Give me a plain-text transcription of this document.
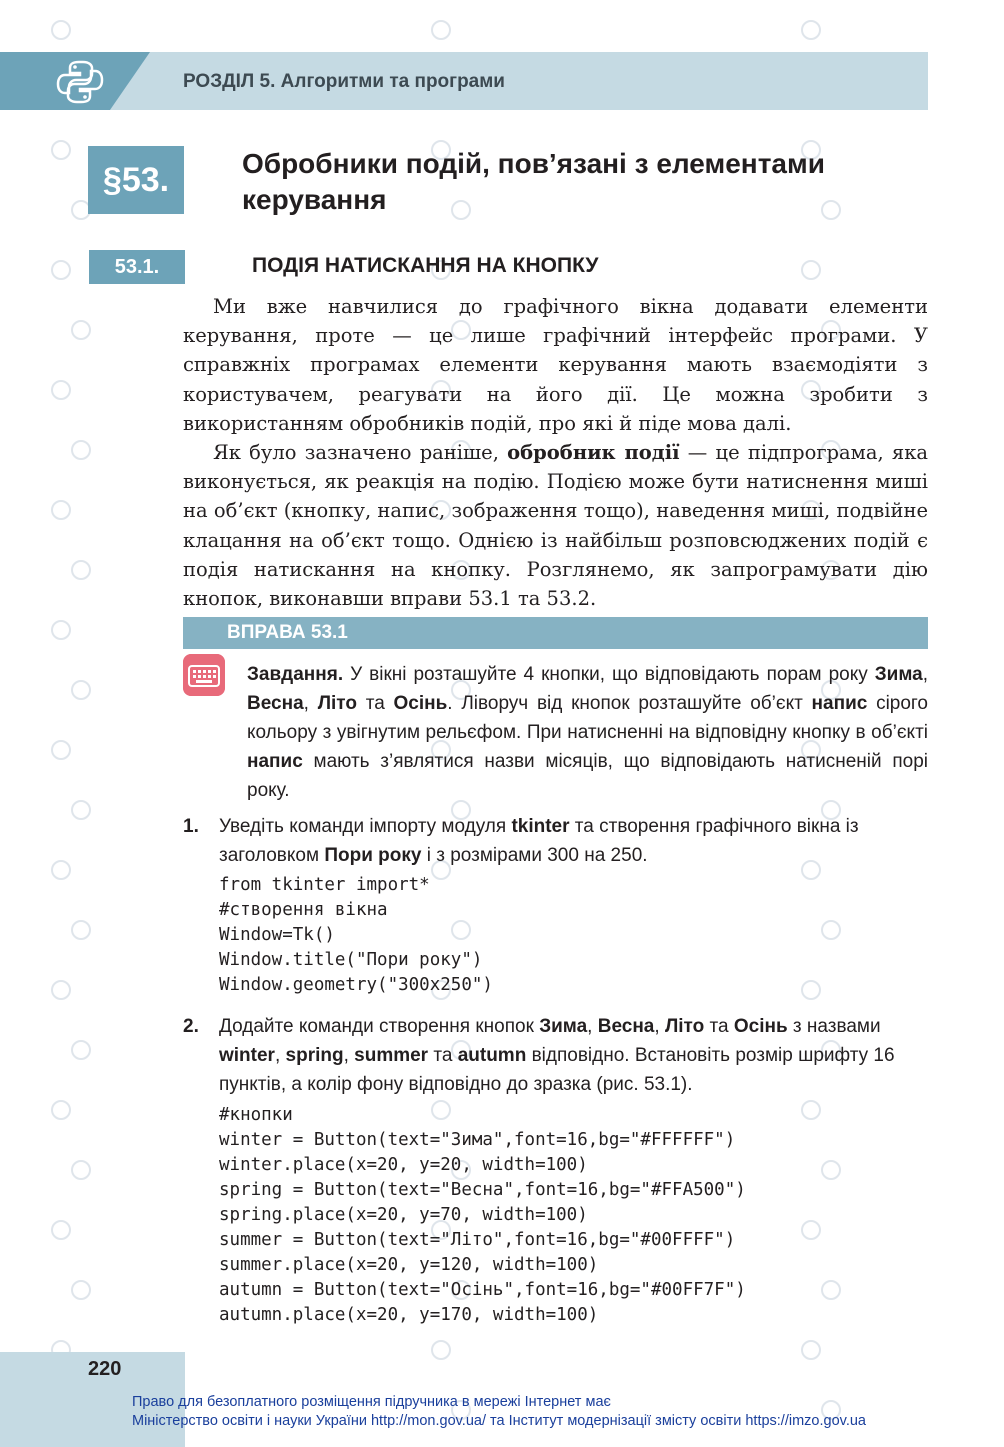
РОЗДІЛ 5. Алгоритми та програми
§53.	Обробники подій, пов’язані з елементами
керування
53.1.	ПОДІЯ НАТИСКАННЯ НА КНОПКУ

Ми вже навчилися до графічного вікна додавати елементи керування, проте — це лише графічний інтерфейс програми. У справжніх програмах елементи керування мають взаємодіяти з користувачем, реагувати на його дії. Це можна зробити з використанням обробників подій, про які й піде мова далі.

Як було зазначено раніше, обробник події — це підпрограма, яка виконується, як реакція на подію. Подією може бути натиснення миші на об’єкт (кнопку, напис, зображення тощо), наведення миші, подвійне клацання на об’єкт тощо. Однією із найбільш розповсюджених подій є подія натискання на кнопку. Розглянемо, як запрограмувати дію кнопок, виконавши вправи 53.1 та 53.2.

ВПРАВА 53.1
Завдання. У вікні розташуйте 4 кнопки, що відповідають порам року Зима, Весна, Літо та Осінь. Ліворуч від кнопок розташуйте об’єкт напис сірого кольору з увігнутим рельєфом. При натисненні на відповідну кнопку в об’єкті напис мають з’являтися назви місяців, що відповідають натисненій порі року.
1. Уведіть команди імпорту модуля tkinter та створення графічного вікна із заголовком Пори року і з розмірами 300 на 250.
from tkinter import*
#створення вікна
Window=Tk()
Window.title("Пори року")
Window.geometry("300x250")
2. Додайте команди створення кнопок Зима, Весна, Літо та Осінь з назвами winter, spring, summer та autumn відповідно. Встановіть розмір шрифту 16 пунктів, а колір фону відповідно до зразка (рис. 53.1).
#кнопки
winter = Button(text="Зима",font=16,bg="#FFFFFF")
winter.place(x=20, y=20, width=100)
spring = Button(text="Весна",font=16,bg="#FFA500")
spring.place(x=20, y=70, width=100)
summer = Button(text="Літо",font=16,bg="#00FFFF")
summer.place(x=20, y=120, width=100)
autumn = Button(text="Осінь",font=16,bg="#00FF7F")
autumn.place(x=20, y=170, width=100)
220
Право для безоплатного розміщення підручника в мережі Інтернет має
Міністерство освіти і науки України http://mon.gov.ua/ та Інститут модернізації змісту освіти https://imzo.gov.ua
